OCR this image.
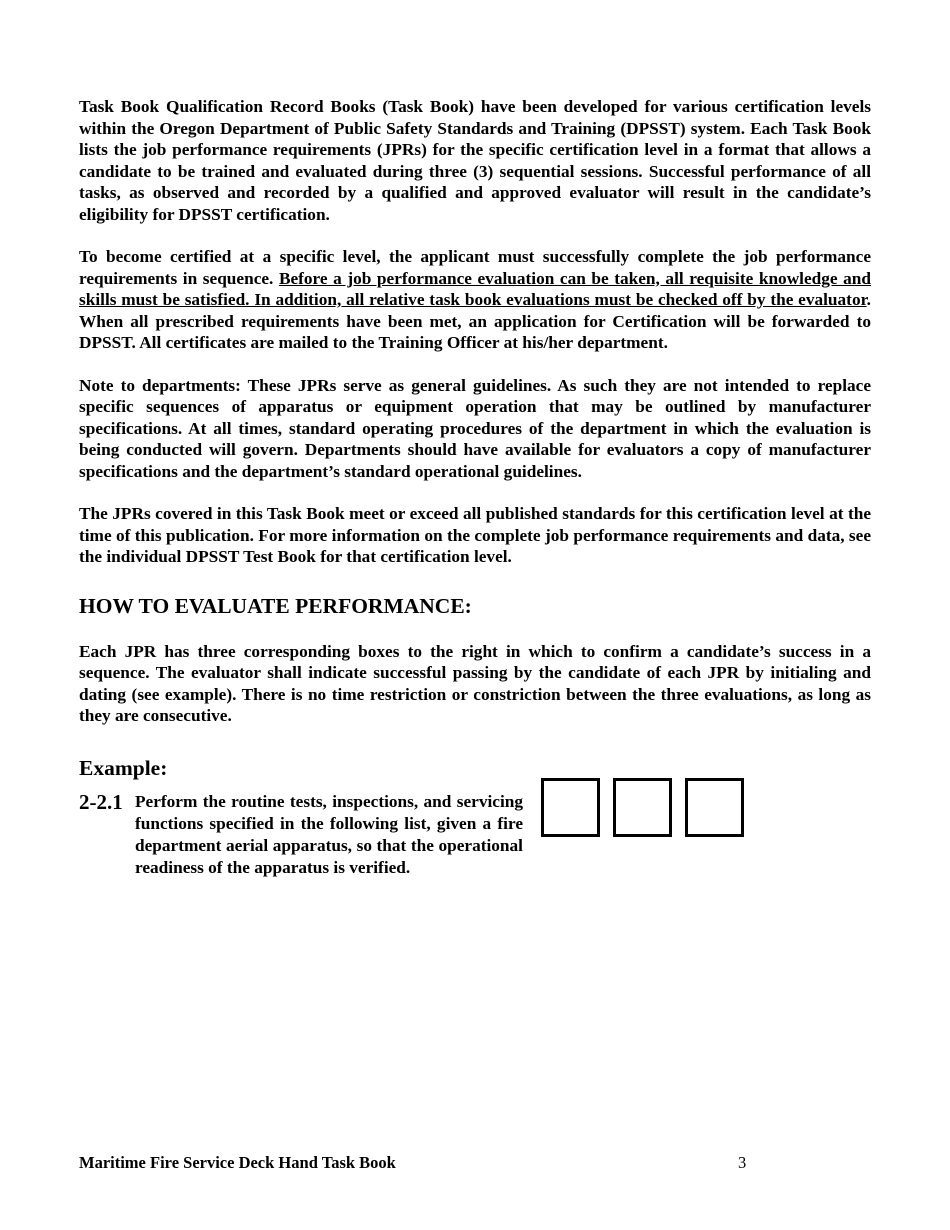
Task Book Qualification Record Books (Task Book) have been developed for various certification levels within the Oregon Department of Public Safety Standards and Training (DPSST) system. Each Task Book lists the job performance requirements (JPRs) for the specific certification level in a format that allows a candidate to be trained and evaluated during three (3) sequential sessions. Successful performance of all tasks, as observed and recorded by a qualified and approved evaluator will result in the candidate’s eligibility for DPSST certification.

To become certified at a specific level, the applicant must successfully complete the job performance requirements in sequence. Before a job performance evaluation can be taken, all requisite knowledge and skills must be satisfied. In addition, all relative task book evaluations must be checked off by the evaluator. When all prescribed requirements have been met, an application for Certification will be forwarded to DPSST. All certificates are mailed to the Training Officer at his/her department.

Note to departments: These JPRs serve as general guidelines. As such they are not intended to replace specific sequences of apparatus or equipment operation that may be outlined by manufacturer specifications. At all times, standard operating procedures of the department in which the evaluation is being conducted will govern. Departments should have available for evaluators a copy of manufacturer specifications and the department’s standard operational guidelines.

The JPRs covered in this Task Book meet or exceed all published standards for this certification level at the time of this publication. For more information on the complete job performance requirements and data, see the individual DPSST Test Book for that certification level.

HOW TO EVALUATE PERFORMANCE:

Each JPR has three corresponding boxes to the right in which to confirm a candidate’s success in a sequence. The evaluator shall indicate successful passing by the candidate of each JPR by initialing and dating (see example). There is no time restriction or constriction between the three evaluations, as long as they are consecutive.

Example:
2-2.1 Perform the routine tests, inspections, and servicing functions specified in the following list, given a fire department aerial apparatus, so that the operational readiness of the apparatus is verified.
Maritime Fire Service Deck Hand Task Book	3
